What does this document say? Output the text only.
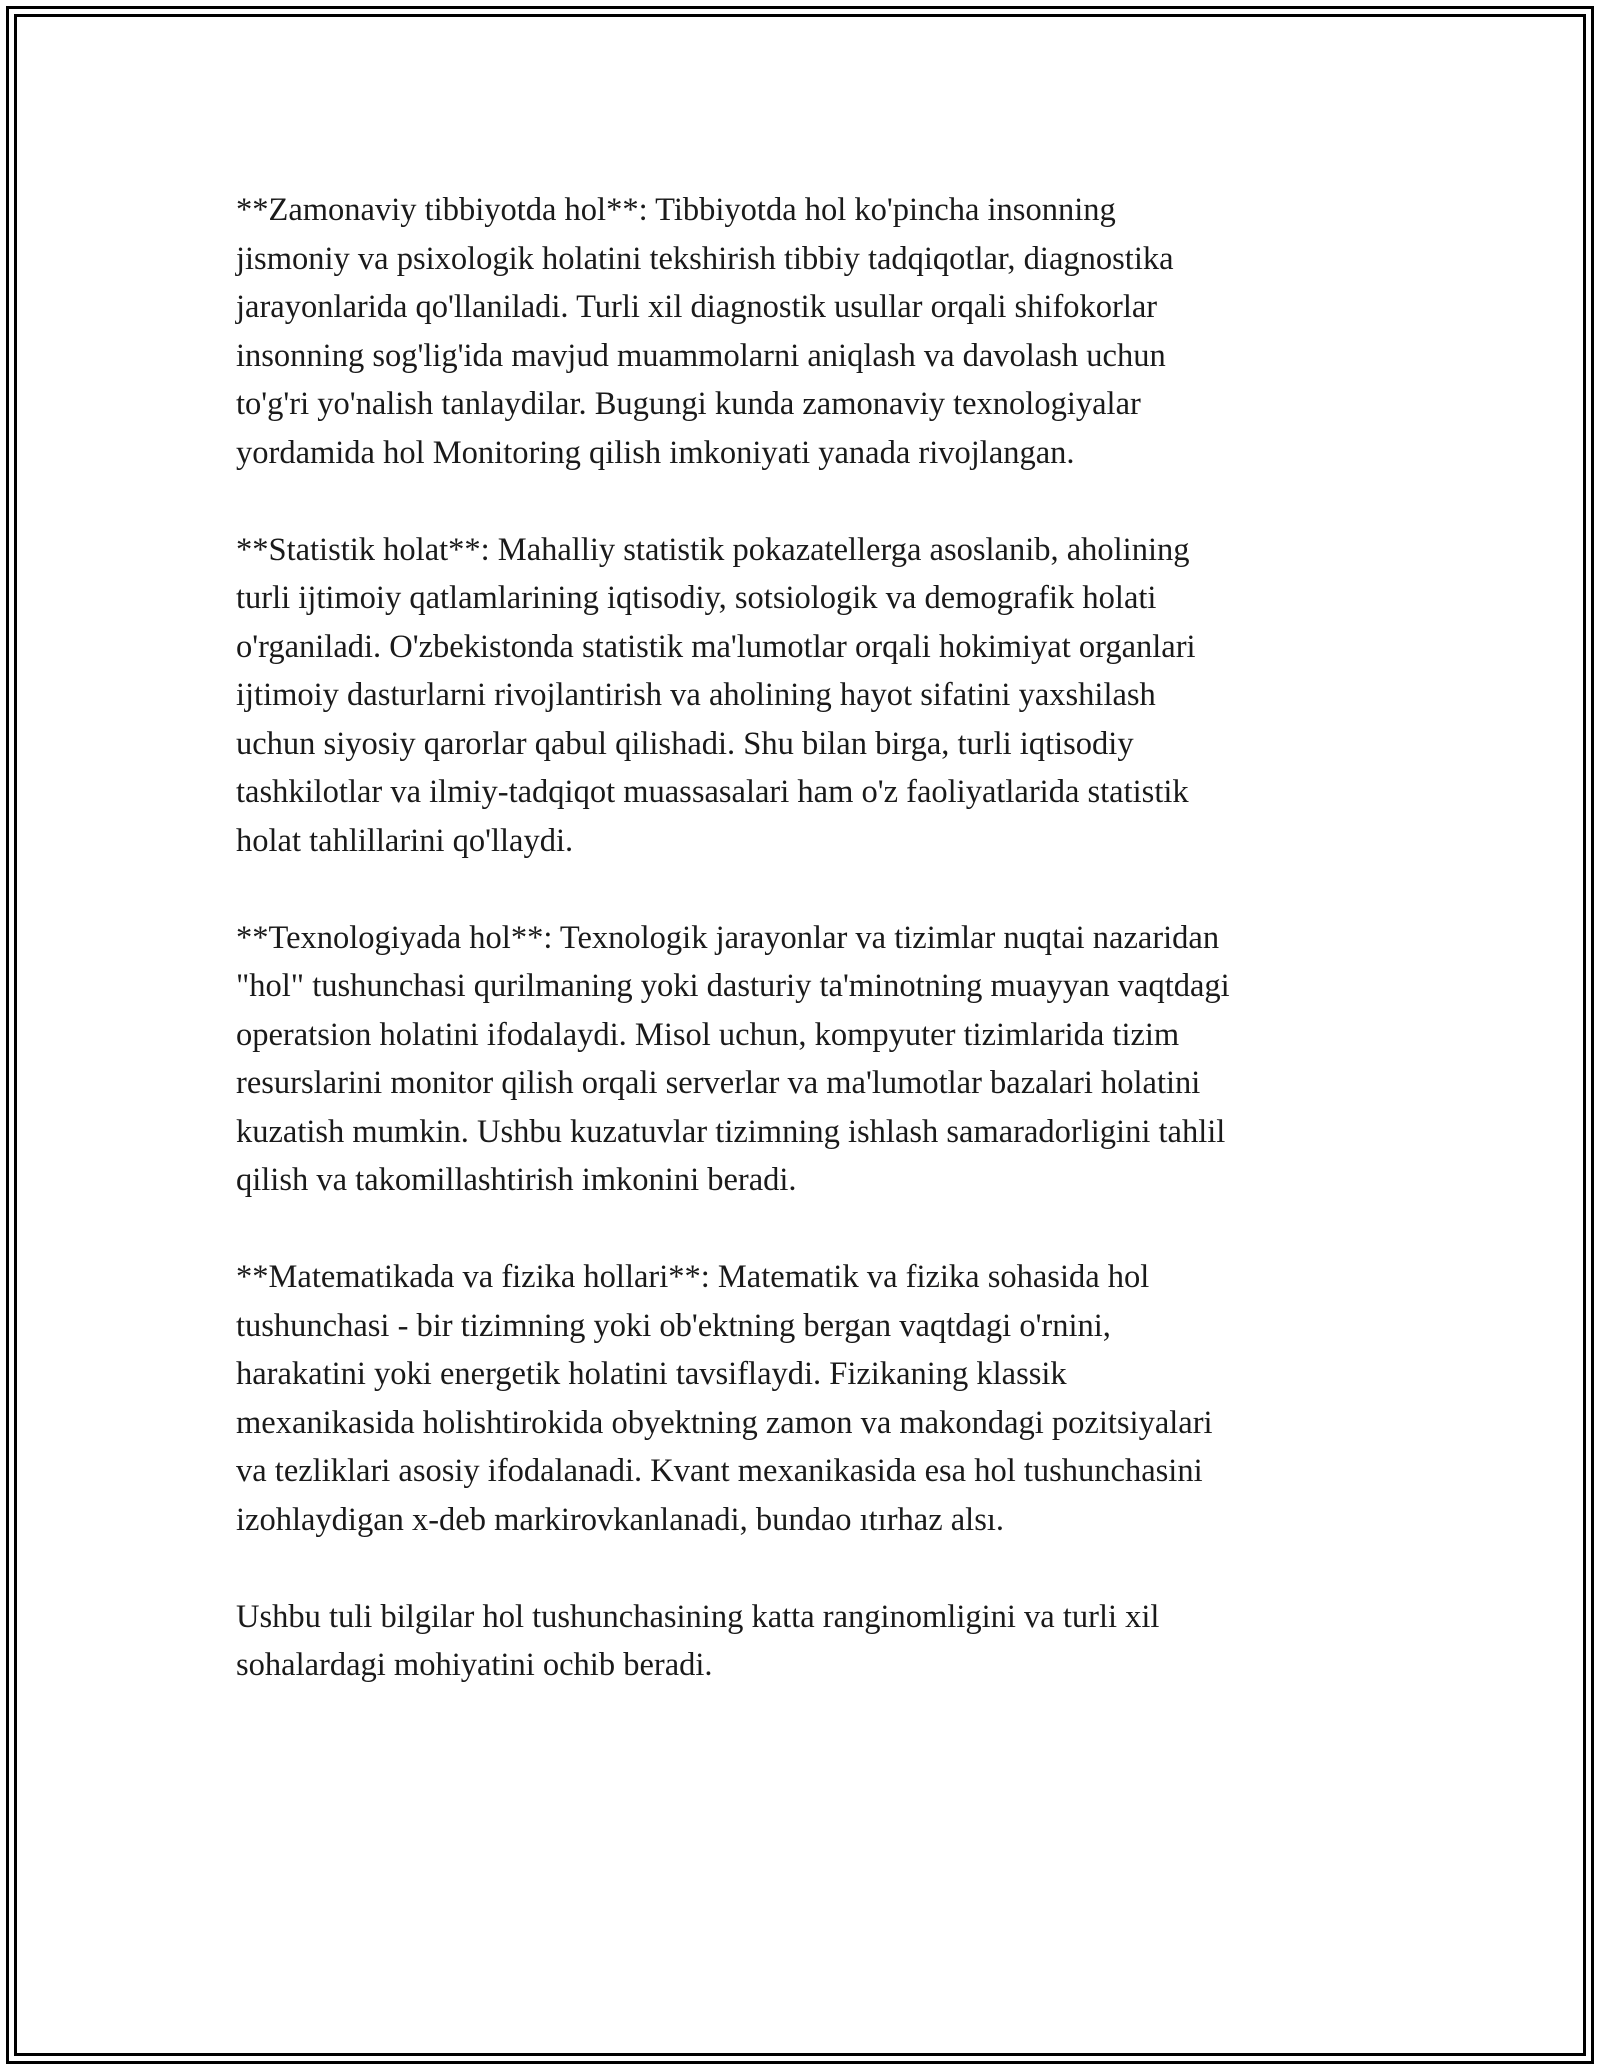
**Zamonaviy tibbiyotda hol**: Tibbiyotda hol ko'pincha insonning
jismoniy va psixologik holatini tekshirish tibbiy tadqiqotlar, diagnostika
jarayonlarida qo'llaniladi. Turli xil diagnostik usullar orqali shifokorlar
insonning sog'lig'ida mavjud muammolarni aniqlash va davolash uchun
to'g'ri yo'nalish tanlaydilar. Bugungi kunda zamonaviy texnologiyalar
yordamida hol Monitoring qilish imkoniyati yanada rivojlangan.

**Statistik holat**: Mahalliy statistik pokazatellerga asoslanib, aholining
turli ijtimoiy qatlamlarining iqtisodiy, sotsiologik va demografik holati
o'rganiladi. O'zbekistonda statistik ma'lumotlar orqali hokimiyat organlari
ijtimoiy dasturlarni rivojlantirish va aholining hayot sifatini yaxshilash
uchun siyosiy qarorlar qabul qilishadi. Shu bilan birga, turli iqtisodiy
tashkilotlar va ilmiy-tadqiqot muassasalari ham o'z faoliyatlarida statistik
holat tahlillarini qo'llaydi.

**Texnologiyada hol**: Texnologik jarayonlar va tizimlar nuqtai nazaridan
"hol" tushunchasi qurilmaning yoki dasturiy ta'minotning muayyan vaqtdagi
operatsion holatini ifodalaydi. Misol uchun, kompyuter tizimlarida tizim
resurslarini monitor qilish orqali serverlar va ma'lumotlar bazalari holatini
kuzatish mumkin. Ushbu kuzatuvlar tizimning ishlash samaradorligini tahlil
qilish va takomillashtirish imkonini beradi.

**Matematikada va fizika hollari**: Matematik va fizika sohasida hol
tushunchasi - bir tizimning yoki ob'ektning bergan vaqtdagi o'rnini,
harakatini yoki energetik holatini tavsiflaydi. Fizikaning klassik
mexanikasida holishtirokida obyektning zamon va makondagi pozitsiyalari
va tezliklari asosiy ifodalanadi. Kvant mexanikasida esa hol tushunchasini
izohlaydigan x-deb markirovkanlanadi, bundao ıtırhaz alsı.

Ushbu tuli bilgilar hol tushunchasining katta ranginomligini va turli xil
sohalardagi mohiyatini ochib beradi.
